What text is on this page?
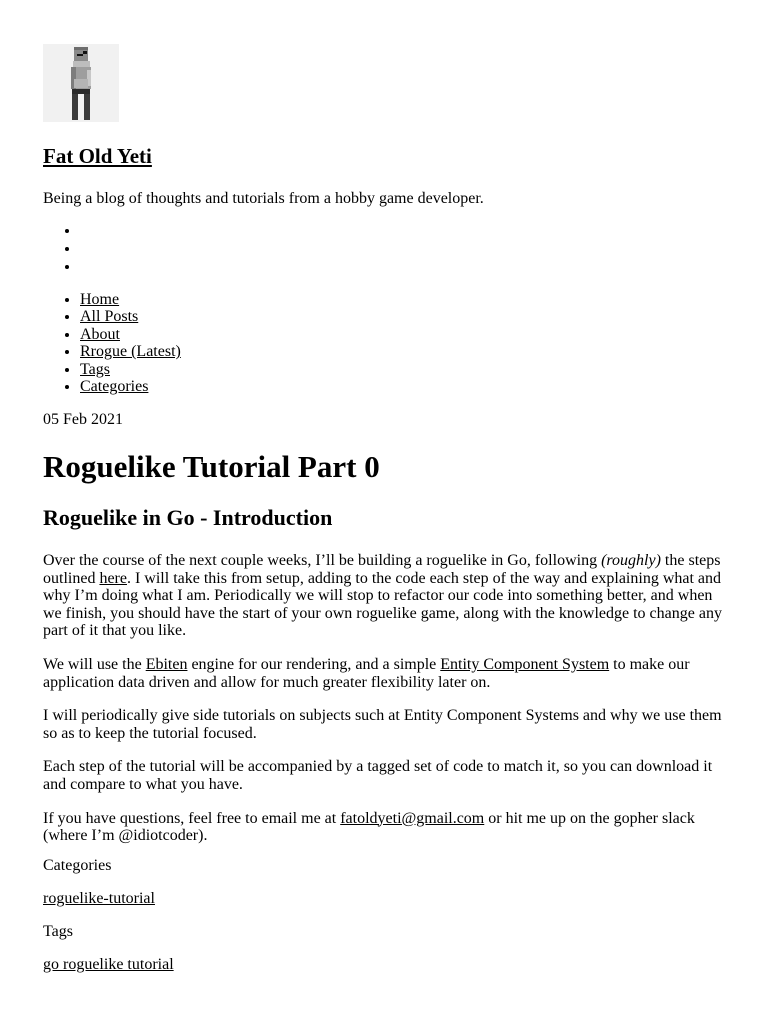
Fat Old Yeti

Being a blog of thoughts and tutorials from a hobby game developer.

• Home
• All Posts
• About
• Rrogue (Latest)
• Tags
• Categories

05 Feb 2021

Roguelike Tutorial Part 0
Roguelike in Go - Introduction

Over the course of the next couple weeks, I’ll be building a roguelike in Go, following (roughly) the steps outlined here. I will take this from setup, adding to the code each step of the way and explaining what and why I’m doing what I am. Periodically we will stop to refactor our code into something better, and when we finish, you should have the start of your own roguelike game, along with the knowledge to change any part of it that you like.

We will use the Ebiten engine for our rendering, and a simple Entity Component System to make our application data driven and allow for much greater flexibility later on.

I will periodically give side tutorials on subjects such at Entity Component Systems and why we use them so as to keep the tutorial focused.

Each step of the tutorial will be accompanied by a tagged set of code to match it, so you can download it and compare to what you have.

If you have questions, feel free to email me at fatoldyeti@gmail.com or hit me up on the gopher slack (where I’m @idiotcoder).

Categories

roguelike-tutorial

Tags

go roguelike tutorial
